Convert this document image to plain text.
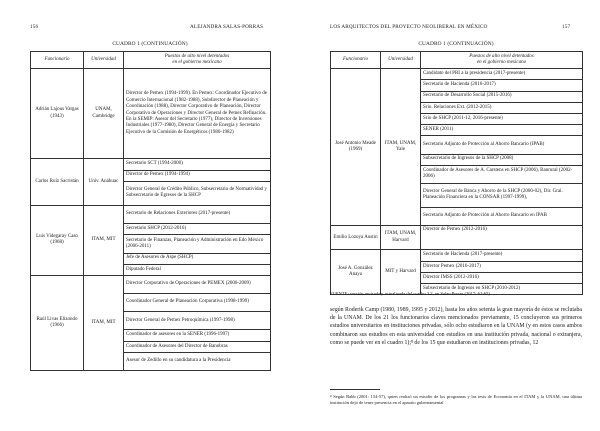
156	ALEJANDRA SALAS-PORRAS
CUADRO 1 (CONTINUACIÓN)
Funcionario	Universidad	Puestos de alto nivel detentados
en el gobierno mexicano

Adrián Lajous Vargas (1943)	UNAM, Cambridge	Director de Pemex (1994-1999). En Pemex: Coordinador Ejecutivo de Comercio Internacional (1982-1988), Subdirector de Planeación y Coordinación (1988), Director Corporativo de Planeación, Director Corporativo de Operaciones y Director General de Pemex Refinación. En la SEMIP: Asesor del Secretario (1977), Director de Inversiones Industriales (1977-1980), Director General de Energía y Secretario Ejecutivo de la Comisión de Energéticos (1980-1982)
Carlos Ruiz Sacristán	Univ. Anáhuac	Secretario SCT (1994-2000)
		Director de Pemex (1994-1994)
		Director General de Crédito Público, Subsecretario de Normatividad y Subsecretario de Egresos de la SHCP
Luis Videgaray Caso (1968)	ITAM, MIT	Secretario de Relaciones Exteriores (2017-presente)
		Secretario SHCP (2012-2016)
		Secretario de Finanzas, Planeación y Administración en Edo México (2006-2011)
		Jefe de Asesores de Aspe (SHCP)
		Diputado Federal
Raúl Livas Elizondo (1966)	ITAM, MIT	Director Corporativo de Operaciones de PEMEX (2006-2009)
		Coordinador General de Planeación Corporativa (1998-1999)
		Director General de Pemex Petroquímica (1997-1998)
		Coordinador de asesores en la SENER (1996-1997)
		Coordinador de Asesores del Director de Banobras
		Asesor de Zedillo en su candidatura a la Presidencia
LOS ARQUITECTOS DEL PROYECTO NEOLIBERAL EN MÉXICO	157
CUADRO 1 (CONTINUACIÓN)
Funcionario	Universidad	Puestos de alto nivel detentados
en el gobierno mexicano

José Antonio Meade (1969)	ITAM, UNAM, Yale	Candidato del PRI a la presidencia (2017-presente)
		Secretario de Hacienda (2016-2017)
		Secretario de Desarrollo Social (2015-2016)
		Srio. Relaciones Ext. (2012-2015)
		Srio de SHCP (2011-12, 2016-presente)
		SENER (2011)
		Secretario Adjunto de Protección al Ahorro Bancario (IPAB)
		Subsecretario de Ingresos de la SHCP (2008)
		Coordinador de Asesores de A. Carstens en SHCP (2006), Banrural (2002-2006)
		Director General de Banca y Ahorro de la SHCP (2000-02), Dir. Gral. Planeación Financiera en la CONSAR (1997-1999),
		Secretario Adjunto de Protección al Ahorro Bancario en IPAB
Emilio Lozoya Austin	ITAM, UNAM, Harvard	Director de Pemex (2012-2016)
José A. González Anaya	MIT y Harvard	Secretario de Hacienda (2017-presente)
		Director Pemex (2016-2017)
		Director IMSS (2012-2016)
		Subsecretario de Ingresos en SHCP (2010-2012)
FUENTE: versión revisada y actualizada del cuadro 3.2, en Salas-Porras (2017: 62-65).
según Roderik Camp (1980, 1989, 1995 y 2012), hasta los años setenta la gran mayoría de éstos se reclutaba de la UNAM. De los 21 los funcionarios claves mencionados previamente, 15 concluyeron sus primeros estudios universitarios en instituciones privadas, sólo ocho estudiaron en la UNAM (y en estos casos ambos combinaron sus estudios en esta universidad con estudios en una institución privada, nacional o extranjera, como se puede ver en el cuadro 1);⁸ de los 15 que estudiaron en instituciones privadas, 12
⁸ Según Babb (2001: 154-57), quien realizó un estudio de los programas y las tesis de Economía en el ITAM y la UNAM, una última institución dejó de tener presencia en el aparato gubernamental
